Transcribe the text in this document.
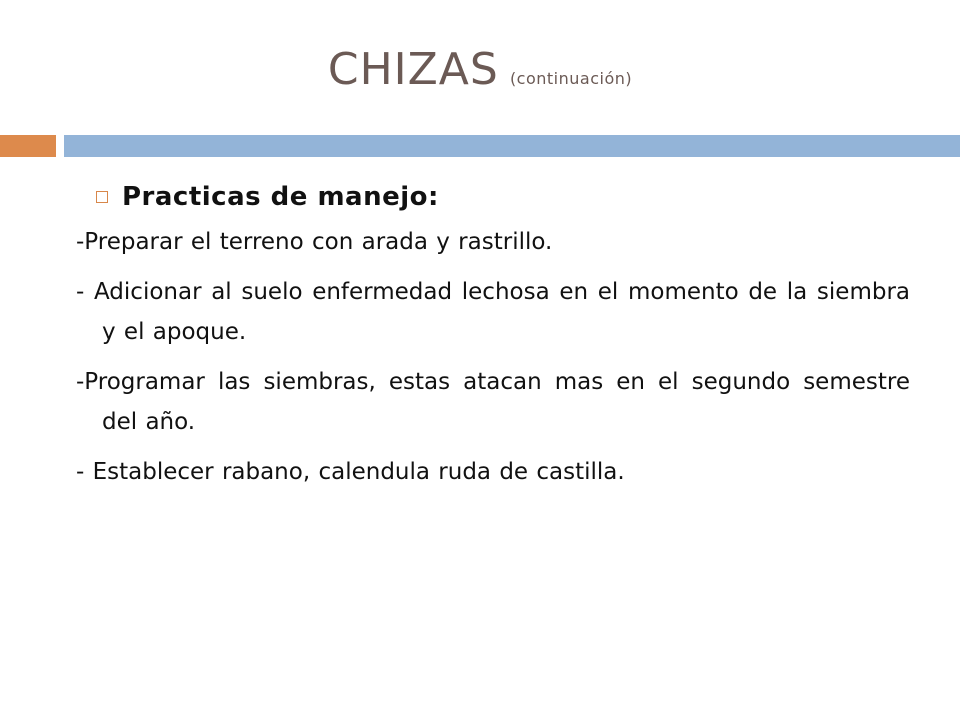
CHIZAS (continuación)
Practicas de manejo:
-Preparar el terreno con arada y rastrillo.
- Adicionar al suelo enfermedad lechosa en el momento de la siembra y el apoque.
-Programar las siembras, estas atacan mas en el segundo semestre del año.
- Establecer rabano, calendula ruda de castilla.
